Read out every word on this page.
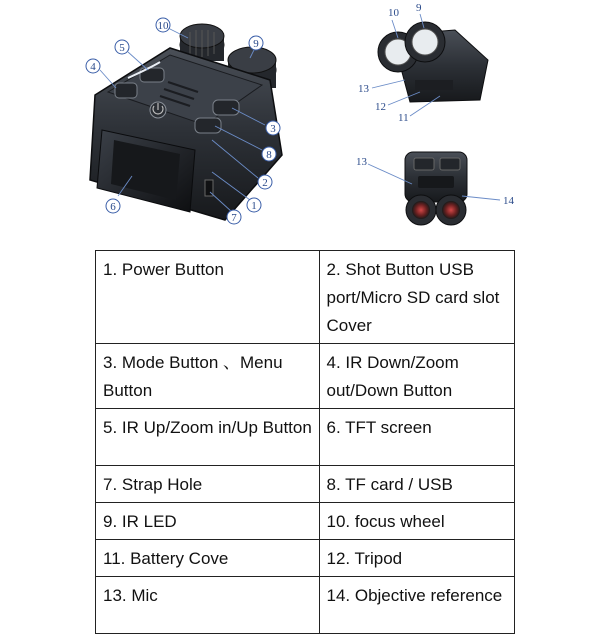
10
9
5
4
3
8
2
1
7
6
10 9
13
12
11
13
14
1. Power Button	2. Shot Button USB port/Micro SD card slot Cover
3. Mode Button 、Menu Button	4. IR Down/Zoom out/Down Button
5. IR Up/Zoom in/Up Button	6. TFT screen
7. Strap Hole	8. TF card / USB
9. IR LED	10. focus wheel
11. Battery Cove	12. Tripod
13. Mic	14. Objective reference
